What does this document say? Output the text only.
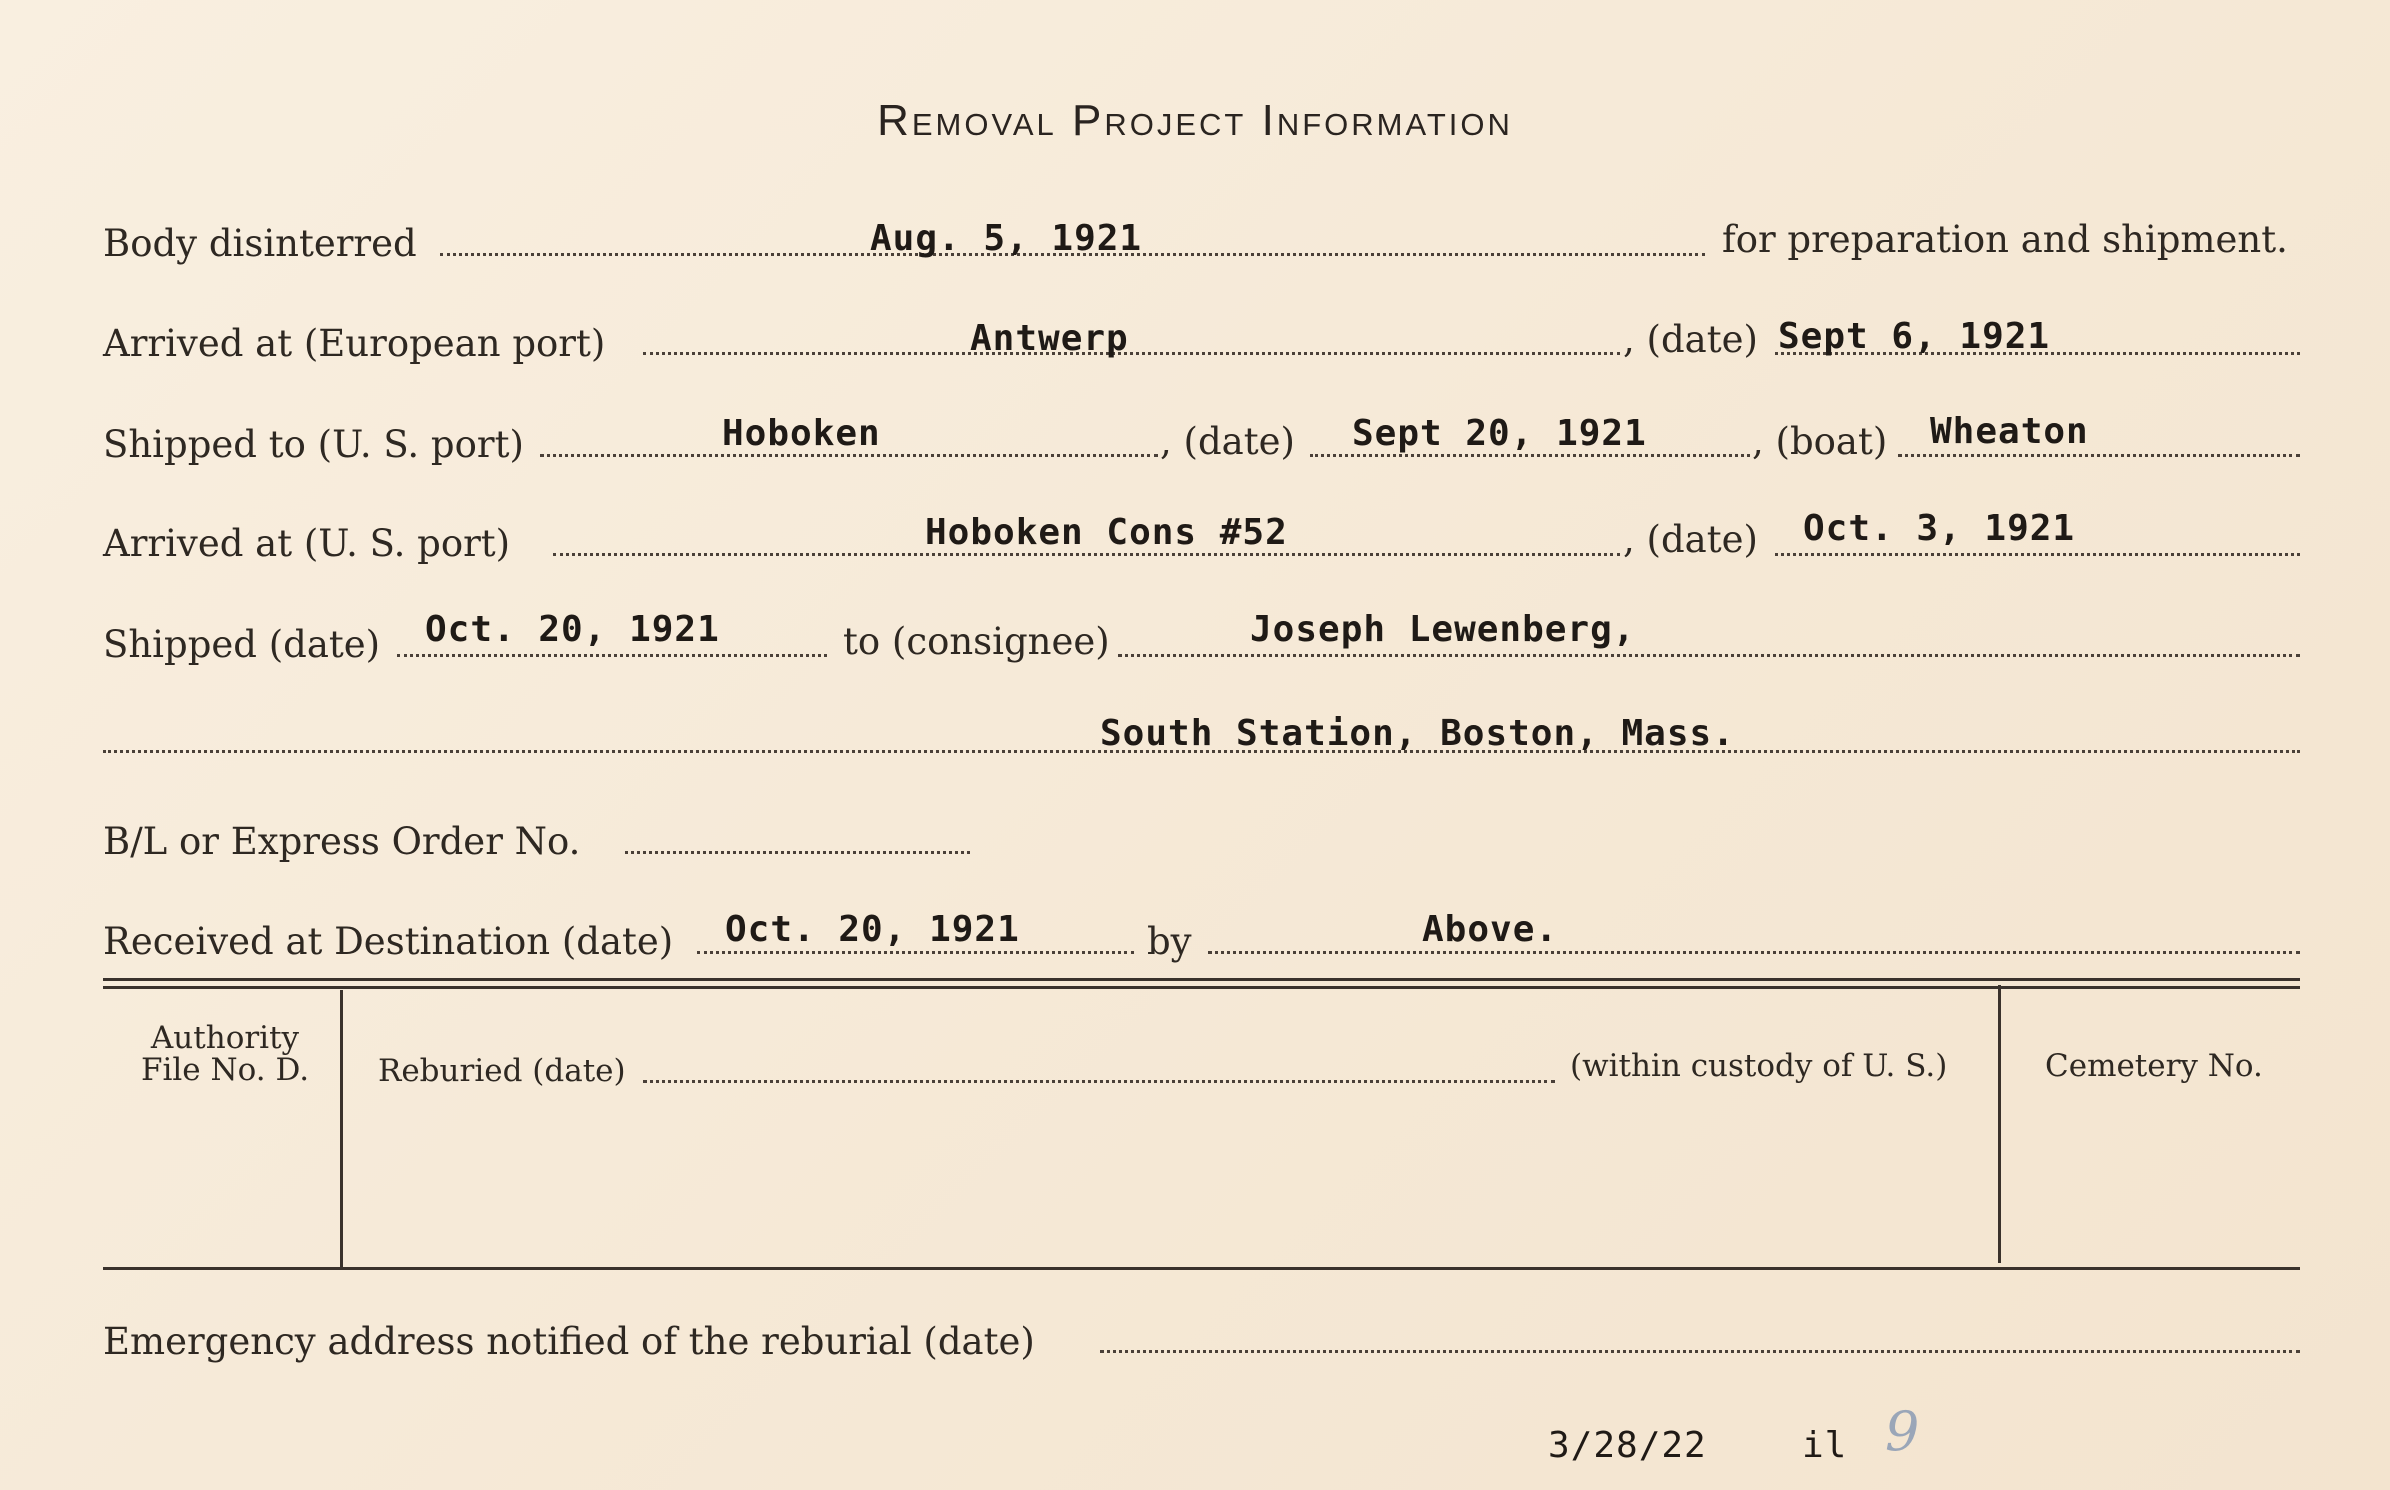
Removal Project Information
Body disinterred	Aug. 5, 1921	for preparation and shipment.
Arrived at (European port)	Antwerp	, (date) Sept 6, 1921
Shipped to (U. S. port)	Hoboken	, (date) Sept 20, 1921	, (boat) Wheaton
Arrived at (U. S. port)	Hoboken Cons #52	, (date) Oct. 3, 1921
Shipped (date) Oct. 20, 1921	to (consignee)	Joseph Lewenberg,
South Station, Boston, Mass.
B/L or Express Order No.
Received at Destination (date) Oct. 20, 1921	by	Above.
Authority
File No. D.	Reburied (date)	(within custody of U. S.)	Cemetery No.
Emergency address notified of the reburial (date)
3/28/22	il 9
